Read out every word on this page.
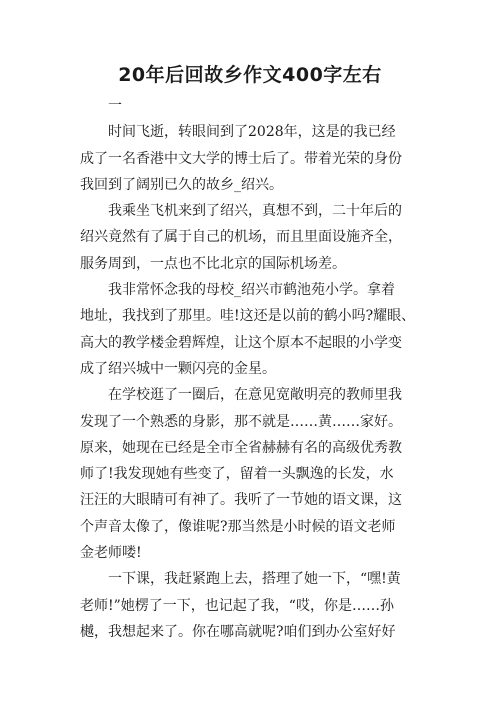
20年后回故乡作文400字左右
一
时间飞逝，转眼间到了2028年，这是的我已经
成了一名香港中文大学的博士后了。带着光荣的身份
我回到了阔别已久的故乡_绍兴。
我乘坐飞机来到了绍兴，真想不到，二十年后的
绍兴竟然有了属于自己的机场，而且里面设施齐全，
服务周到，一点也不比北京的国际机场差。
我非常怀念我的母校_绍兴市鹤池苑小学。拿着
地址，我找到了那里。哇!这还是以前的鹤小吗?耀眼、
高大的教学楼金碧辉煌，让这个原本不起眼的小学变
成了绍兴城中一颗闪亮的金星。
在学校逛了一圈后，在意见宽敞明亮的教师里我
发现了一个熟悉的身影，那不就是……黄……家好。
原来，她现在已经是全市全省赫赫有名的高级优秀教
师了!我发现她有些变了，留着一头飘逸的长发，水
汪汪的大眼睛可有神了。我听了一节她的语文课，这
个声音太像了，像谁呢?那当然是小时候的语文老师
金老师喽!
一下课，我赶紧跑上去，搭理了她一下，“嘿!黄
老师!”她楞了一下，也记起了我，“哎，你是……孙
樾，我想起来了。你在哪高就呢?咱们到办公室好好
